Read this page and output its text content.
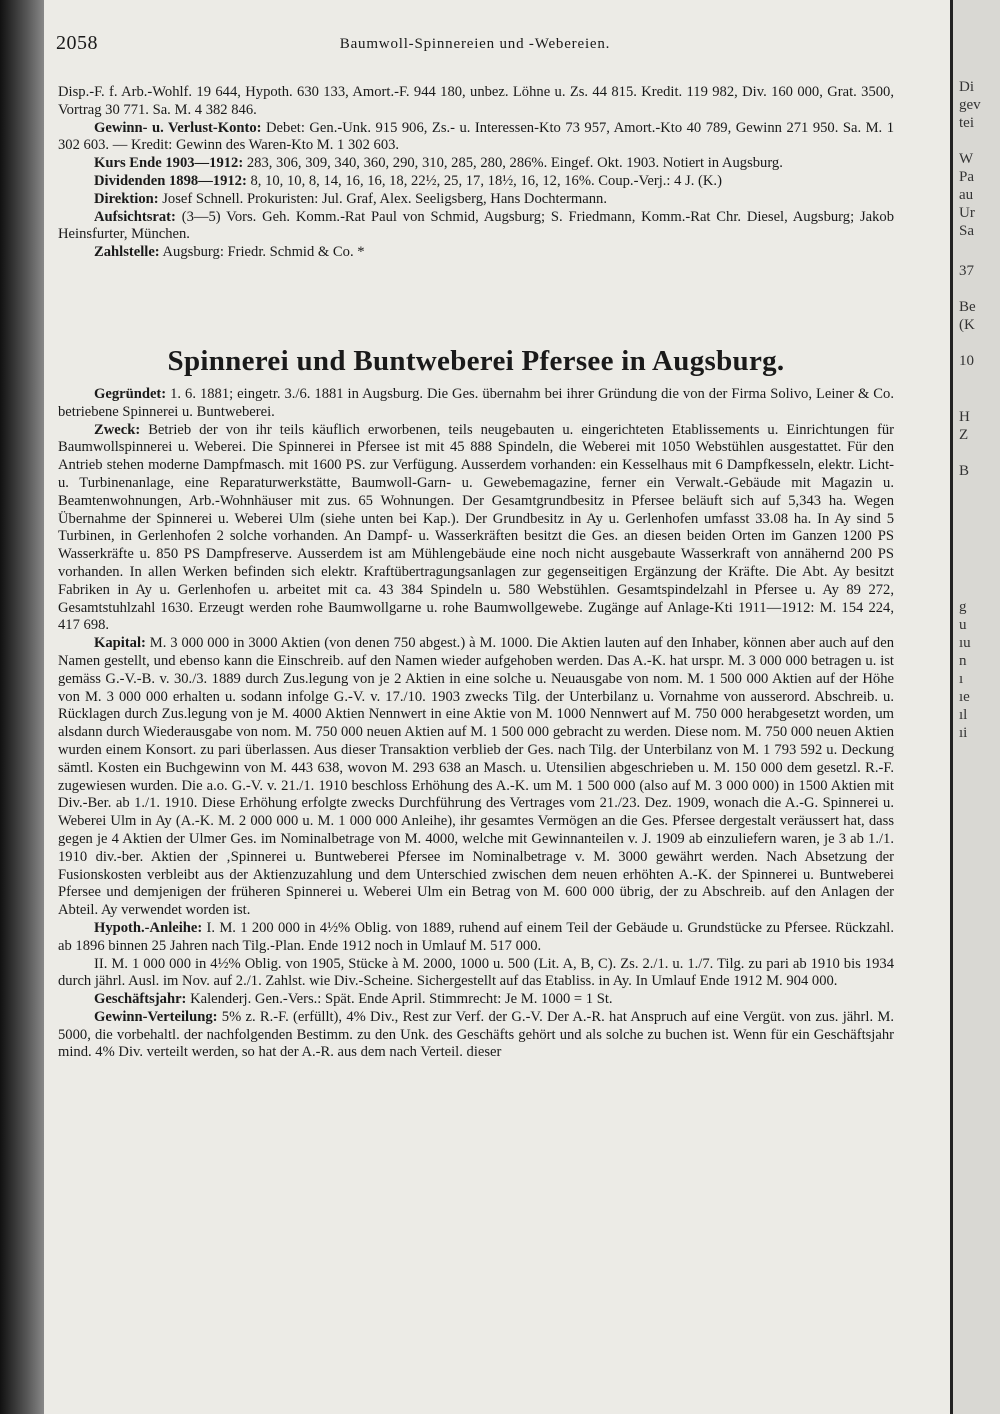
2058	Baumwoll-Spinnereien und -Webereien.

Disp.-F. f. Arb.-Wohlf. 19 644, Hypoth. 630 133, Amort.-F. 944 180, unbez. Löhne u. Zs. 44 815. Kredit. 119 982, Div. 160 000, Grat. 3500, Vortrag 30 771. Sa. M. 4 382 846.

Gewinn- u. Verlust-Konto: Debet: Gen.-Unk. 915 906, Zs.- u. Interessen-Kto 73 957, Amort.-Kto 40 789, Gewinn 271 950. Sa. M. 1 302 603. — Kredit: Gewinn des Waren-Kto M. 1 302 603.

Kurs Ende 1903—1912: 283, 306, 309, 340, 360, 290, 310, 285, 280, 286%. Eingef. Okt. 1903. Notiert in Augsburg.

Dividenden 1898—1912: 8, 10, 10, 8, 14, 16, 16, 18, 22½, 25, 17, 18½, 16, 12, 16%. Coup.-Verj.: 4 J. (K.)

Direktion: Josef Schnell. Prokuristen: Jul. Graf, Alex. Seeligsberg, Hans Dochtermann.

Aufsichtsrat: (3—5) Vors. Geh. Komm.-Rat Paul von Schmid, Augsburg; S. Friedmann, Komm.-Rat Chr. Diesel, Augsburg; Jakob Heinsfurter, München.

Zahlstelle: Augsburg: Friedr. Schmid & Co. *

Spinnerei und Buntweberei Pfersee in Augsburg.

Gegründet: 1. 6. 1881; eingetr. 3./6. 1881 in Augsburg. Die Ges. übernahm bei ihrer Gründung die von der Firma Solivo, Leiner & Co. betriebene Spinnerei u. Buntweberei.

Zweck: Betrieb der von ihr teils käuflich erworbenen, teils neugebauten u. eingerichteten Etablissements u. Einrichtungen für Baumwollspinnerei u. Weberei. Die Spinnerei in Pfersee ist mit 45 888 Spindeln, die Weberei mit 1050 Webstühlen ausgestattet. Für den Antrieb stehen moderne Dampfmasch. mit 1600 PS. zur Verfügung. Ausserdem vorhanden: ein Kesselhaus mit 6 Dampfkesseln, elektr. Licht- u. Turbinenanlage, eine Reparaturwerkstätte, Baumwoll-Garn- u. Gewebemagazine, ferner ein Verwalt.-Gebäude mit Magazin u. Beamtenwohnungen, Arb.-Wohnhäuser mit zus. 65 Wohnungen. Der Gesamtgrundbesitz in Pfersee beläuft sich auf 5,343 ha. Wegen Übernahme der Spinnerei u. Weberei Ulm (siehe unten bei Kap.). Der Grundbesitz in Ay u. Gerlenhofen umfasst 33.08 ha. In Ay sind 5 Turbinen, in Gerlenhofen 2 solche vorhanden. An Dampf- u. Wasserkräften besitzt die Ges. an diesen beiden Orten im Ganzen 1200 PS Wasserkräfte u. 850 PS Dampfreserve. Ausserdem ist am Mühlengebäude eine noch nicht ausgebaute Wasserkraft von annähernd 200 PS vorhanden. In allen Werken befinden sich elektr. Kraftübertragungsanlagen zur gegenseitigen Ergänzung der Kräfte. Die Abt. Ay besitzt Fabriken in Ay u. Gerlenhofen u. arbeitet mit ca. 43 384 Spindeln u. 580 Webstühlen. Gesamtspindelzahl in Pfersee u. Ay 89 272, Gesamtstuhlzahl 1630. Erzeugt werden rohe Baumwollgarne u. rohe Baumwollgewebe. Zugänge auf Anlage-Kti 1911—1912: M. 154 224, 417 698.

Kapital: M. 3 000 000 in 3000 Aktien (von denen 750 abgest.) à M. 1000. Die Aktien lauten auf den Inhaber, können aber auch auf den Namen gestellt, und ebenso kann die Einschreib. auf den Namen wieder aufgehoben werden. Das A.-K. hat urspr. M. 3 000 000 betragen u. ist gemäss G.-V.-B. v. 30./3. 1889 durch Zus.legung von je 2 Aktien in eine solche u. Neuausgabe von nom. M. 1 500 000 Aktien auf der Höhe von M. 3 000 000 erhalten u. sodann infolge G.-V. v. 17./10. 1903 zwecks Tilg. der Unterbilanz u. Vornahme von ausserord. Abschreib. u. Rücklagen durch Zus.legung von je M. 4000 Aktien Nennwert in eine Aktie von M. 1000 Nennwert auf M. 750 000 herabgesetzt worden, um alsdann durch Wiederausgabe von nom. M. 750 000 neuen Aktien auf M. 1 500 000 gebracht zu werden. Diese nom. M. 750 000 neuen Aktien wurden einem Konsort. zu pari überlassen. Aus dieser Transaktion verblieb der Ges. nach Tilg. der Unterbilanz von M. 1 793 592 u. Deckung sämtl. Kosten ein Buchgewinn von M. 443 638, wovon M. 293 638 an Masch. u. Utensilien abgeschrieben u. M. 150 000 dem gesetzl. R.-F. zugewiesen wurden. Die a.o. G.-V. v. 21./1. 1910 beschloss Erhöhung des A.-K. um M. 1 500 000 (also auf M. 3 000 000) in 1500 Aktien mit Div.-Ber. ab 1./1. 1910. Diese Erhöhung erfolgte zwecks Durchführung des Vertrages vom 21./23. Dez. 1909, wonach die A.-G. Spinnerei u. Weberei Ulm in Ay (A.-K. M. 2 000 000 u. M. 1 000 000 Anleihe), ihr gesamtes Vermögen an die Ges. Pfersee dergestalt veräussert hat, dass gegen je 4 Aktien der Ulmer Ges. im Nominalbetrage von M. 4000, welche mit Gewinnanteilen v. J. 1909 ab einzuliefern waren, je 3 ab 1./1. 1910 div.-ber. Aktien der ‚Spinnerei u. Buntweberei Pfersee im Nominalbetrage v. M. 3000 gewährt werden. Nach Absetzung der Fusionskosten verbleibt aus der Aktienzuzahlung und dem Unterschied zwischen dem neuen erhöhten A.-K. der Spinnerei u. Buntweberei Pfersee und demjenigen der früheren Spinnerei u. Weberei Ulm ein Betrag von M. 600 000 übrig, der zu Abschreib. auf den Anlagen der Abteil. Ay verwendet worden ist.

Hypoth.-Anleihe: I. M. 1 200 000 in 4½% Oblig. von 1889, ruhend auf einem Teil der Gebäude u. Grundstücke zu Pfersee. Rückzahl. ab 1896 binnen 25 Jahren nach Tilg.-Plan. Ende 1912 noch in Umlauf M. 517 000.

II. M. 1 000 000 in 4½% Oblig. von 1905, Stücke à M. 2000, 1000 u. 500 (Lit. A, B, C). Zs. 2./1. u. 1./7. Tilg. zu pari ab 1910 bis 1934 durch jährl. Ausl. im Nov. auf 2./1. Zahlst. wie Div.-Scheine. Sichergestellt auf das Etabliss. in Ay. In Umlauf Ende 1912 M. 904 000.

Geschäftsjahr: Kalenderj. Gen.-Vers.: Spät. Ende April. Stimmrecht: Je M. 1000 = 1 St.

Gewinn-Verteilung: 5% z. R.-F. (erfüllt), 4% Div., Rest zur Verf. der G.-V. Der A.-R. hat Anspruch auf eine Vergüt. von zus. jährl. M. 5000, die vorbehaltl. der nachfolgenden Bestimm. zu den Unk. des Geschäfts gehört und als solche zu buchen ist. Wenn für ein Geschäftsjahr mind. 4% Div. verteilt werden, so hat der A.-R. aus dem nach Verteil. dieser

Di

gev

tei

W

Pa

au

Ur

Sa

37

Be

(K

10

H

Z

B

g

u

ıu

n

ı

ıe

ıl

ıi
